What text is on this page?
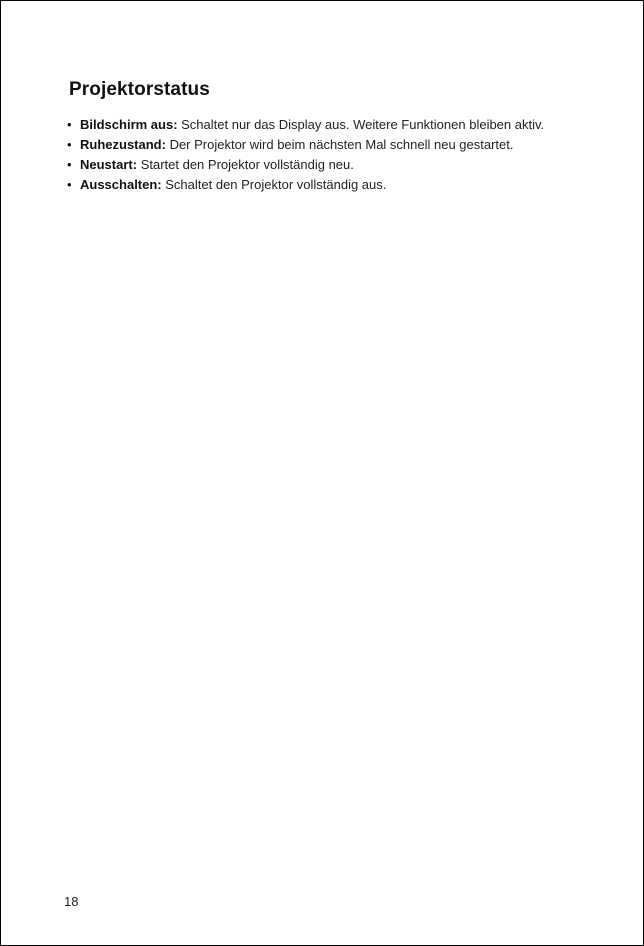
Projektorstatus
• Bildschirm aus: Schaltet nur das Display aus. Weitere Funktionen bleiben aktiv.
• Ruhezustand: Der Projektor wird beim nächsten Mal schnell neu gestartet.
• Neustart: Startet den Projektor vollständig neu.
• Ausschalten: Schaltet den Projektor vollständig aus.
18
